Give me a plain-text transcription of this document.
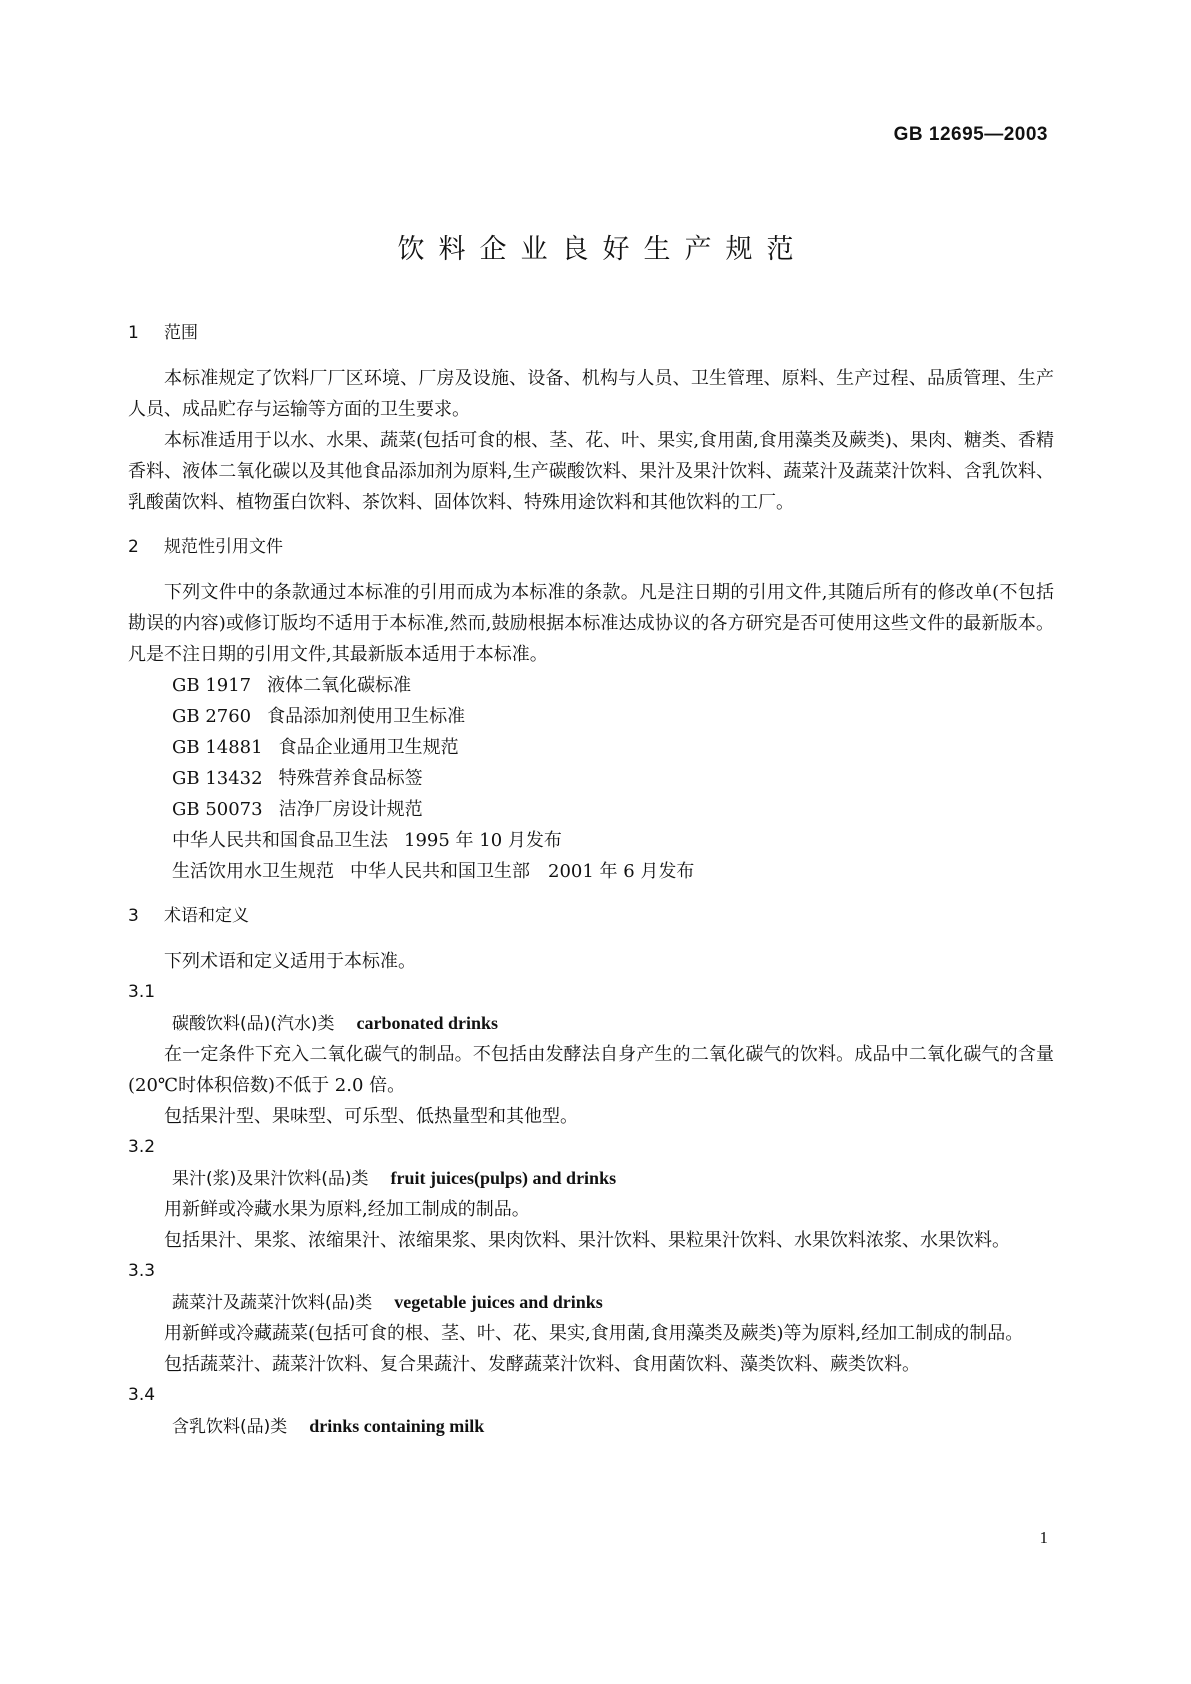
GB 12695—2003
饮料企业良好生产规范
1 范围

本标准规定了饮料厂厂区环境、厂房及设施、设备、机构与人员、卫生管理、原料、生产过程、品质管理、生产人员、成品贮存与运输等方面的卫生要求。

本标准适用于以水、水果、蔬菜(包括可食的根、茎、花、叶、果实,食用菌,食用藻类及蕨类)、果肉、糖类、香精香料、液体二氧化碳以及其他食品添加剂为原料,生产碳酸饮料、果汁及果汁饮料、蔬菜汁及蔬菜汁饮料、含乳饮料、乳酸菌饮料、植物蛋白饮料、茶饮料、固体饮料、特殊用途饮料和其他饮料的工厂。

2 规范性引用文件

下列文件中的条款通过本标准的引用而成为本标准的条款。凡是注日期的引用文件,其随后所有的修改单(不包括勘误的内容)或修订版均不适用于本标准,然而,鼓励根据本标准达成协议的各方研究是否可使用这些文件的最新版本。凡是不注日期的引用文件,其最新版本适用于本标准。

GB 1917 液体二氧化碳标准
GB 2760 食品添加剂使用卫生标准
GB 14881 食品企业通用卫生规范
GB 13432 特殊营养食品标签
GB 50073 洁净厂房设计规范
中华人民共和国食品卫生法 1995 年 10 月发布
生活饮用水卫生规范 中华人民共和国卫生部　2001 年 6 月发布
3 术语和定义

下列术语和定义适用于本标准。

3.1
碳酸饮料(品)(汽水)类 carbonated drinks

在一定条件下充入二氧化碳气的制品。不包括由发酵法自身产生的二氧化碳气的饮料。成品中二氧化碳气的含量(20℃时体积倍数)不低于 2.0 倍。

包括果汁型、果味型、可乐型、低热量型和其他型。

3.2
果汁(浆)及果汁饮料(品)类 fruit juices(pulps) and drinks

用新鲜或冷藏水果为原料,经加工制成的制品。

包括果汁、果浆、浓缩果汁、浓缩果浆、果肉饮料、果汁饮料、果粒果汁饮料、水果饮料浓浆、水果饮料。

3.3
蔬菜汁及蔬菜汁饮料(品)类 vegetable juices and drinks

用新鲜或冷藏蔬菜(包括可食的根、茎、叶、花、果实,食用菌,食用藻类及蕨类)等为原料,经加工制成的制品。

包括蔬菜汁、蔬菜汁饮料、复合果蔬汁、发酵蔬菜汁饮料、食用菌饮料、藻类饮料、蕨类饮料。

3.4
含乳饮料(品)类 drinks containing milk
1
